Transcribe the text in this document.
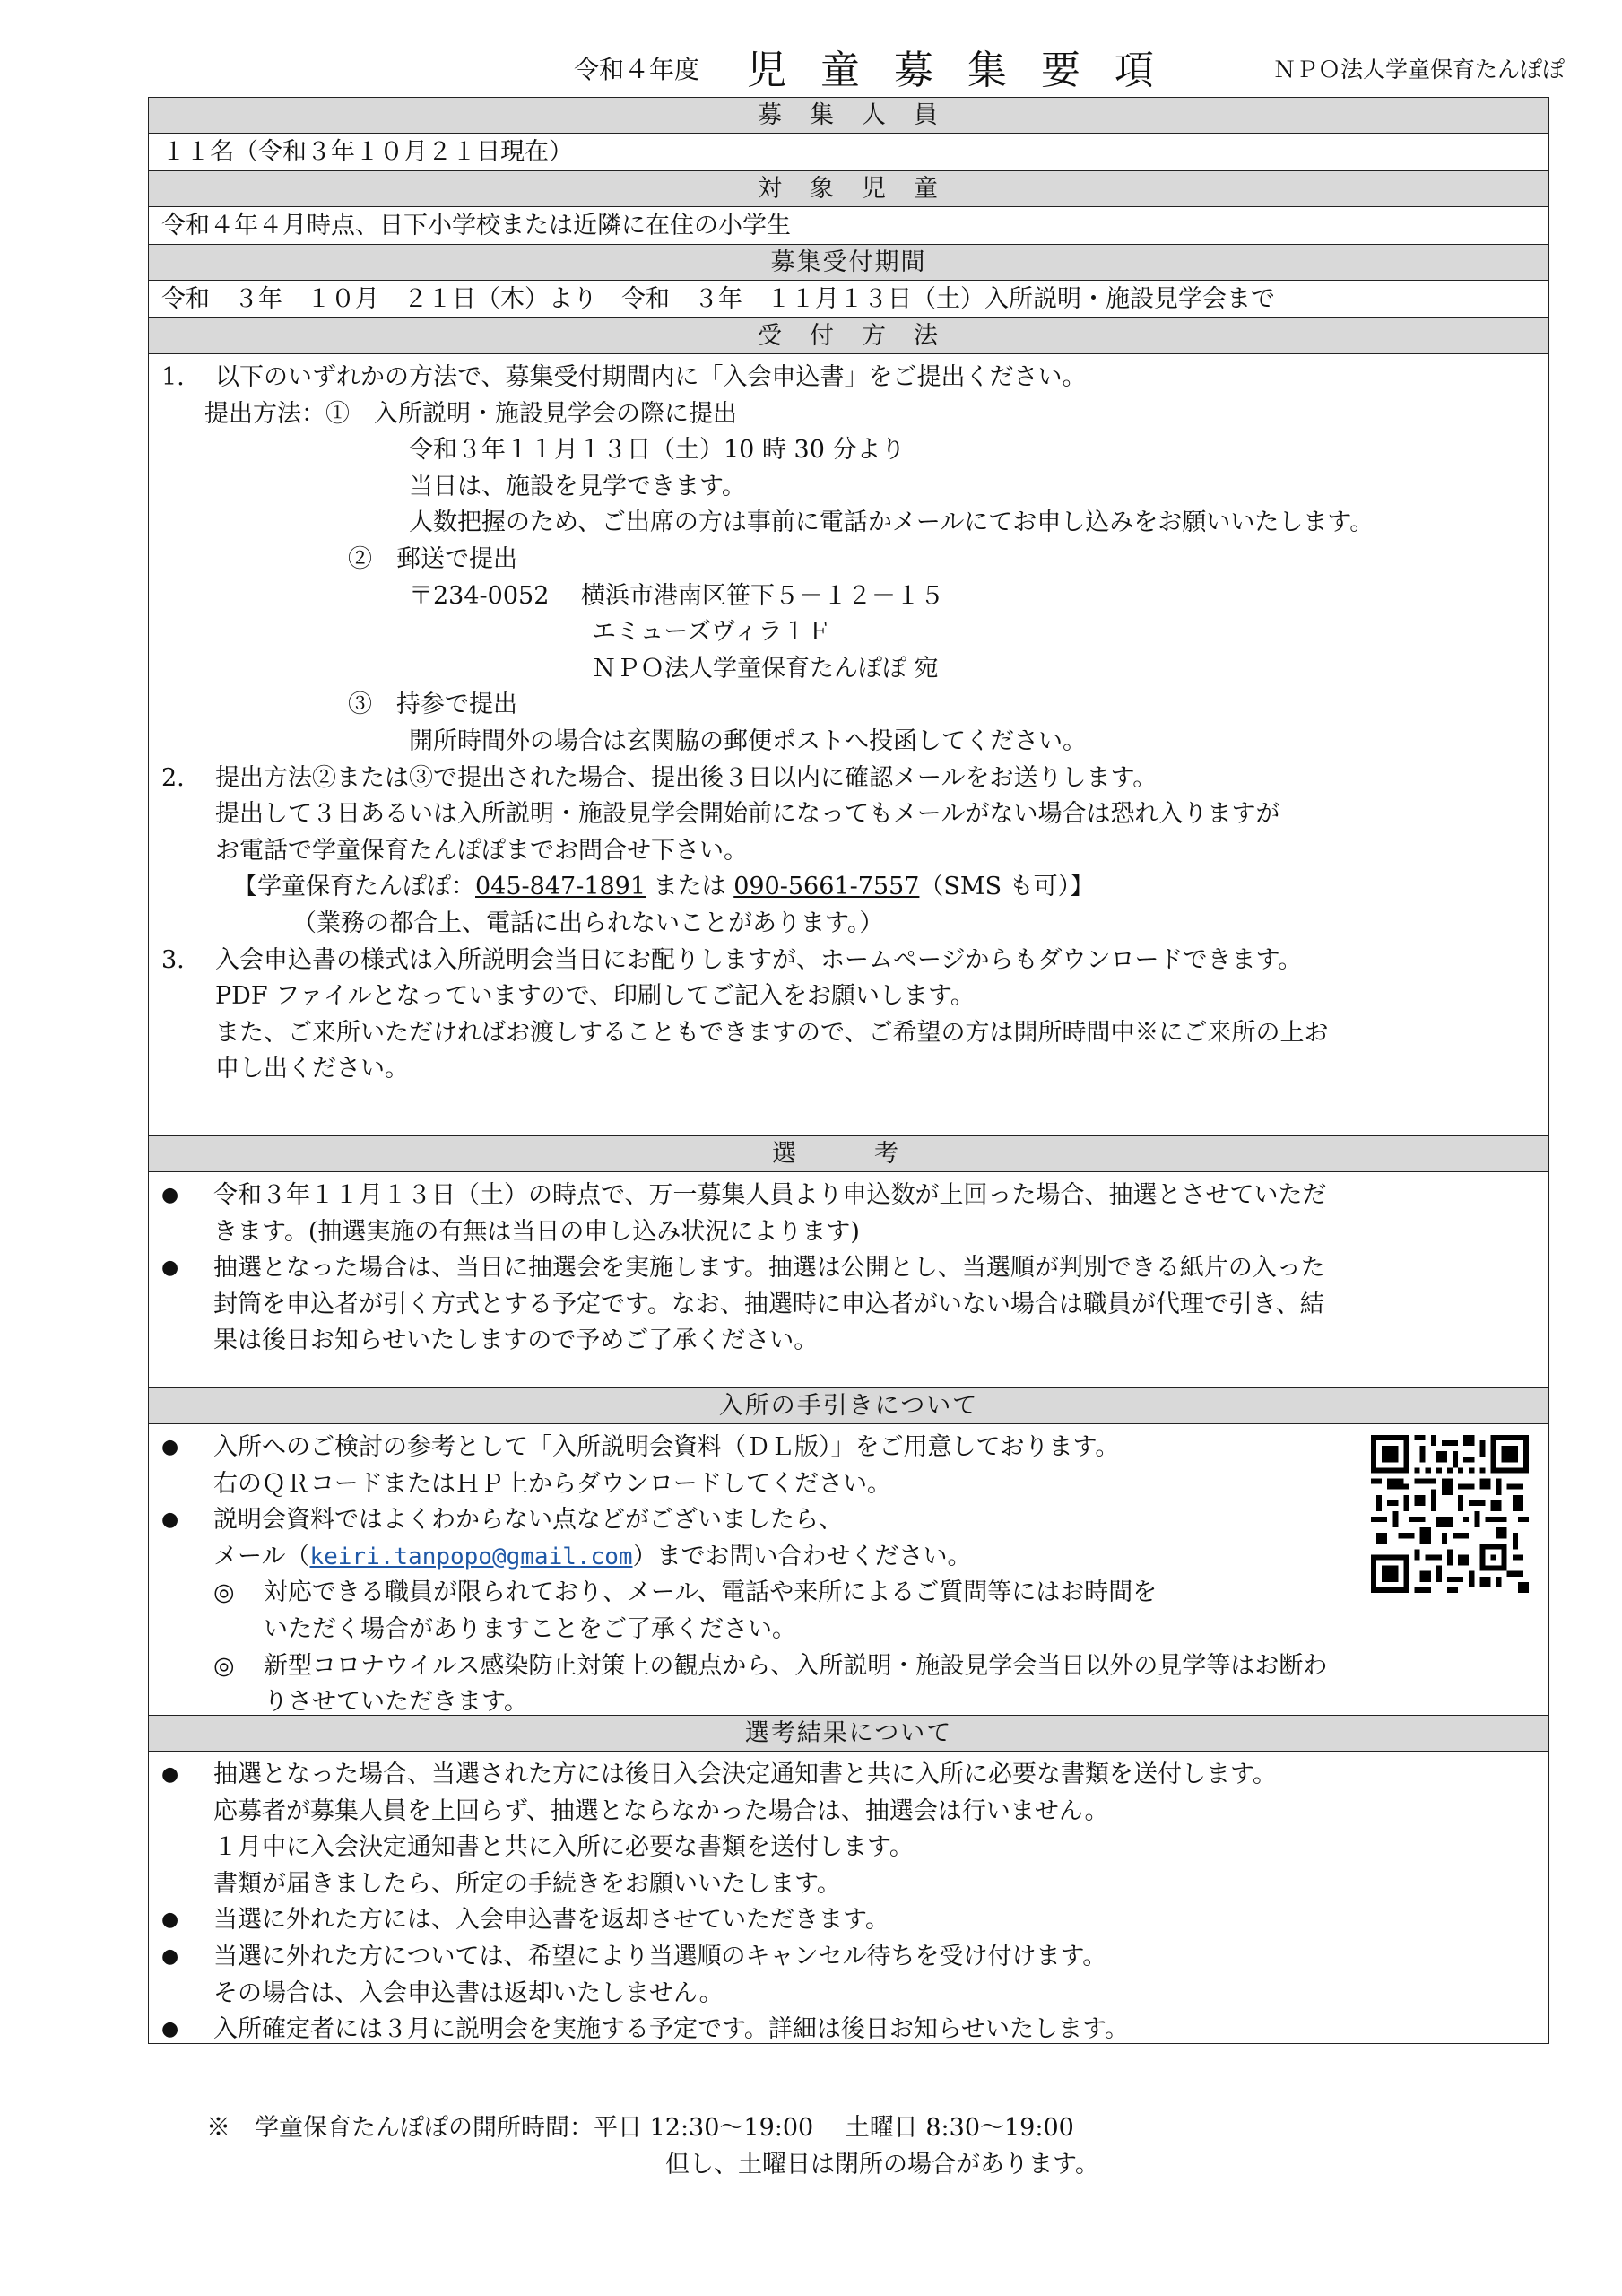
令和４年度 児 童 募 集 要 項	ＮＰＯ法人学童保育たんぽぽ
募　集　人　員
１１名（令和３年１０月２１日現在）
対　象　児　童
令和４年４月時点、日下小学校または近隣に在住の小学生
募集受付期間
令和　３年　１０月　２１日（木）より　令和　３年　１１月１３日（土）入所説明・施設見学会まで
受　付　方　法
1. 以下のいずれかの方法で、募集受付期間内に「入会申込書」をご提出ください。
提出方法：①　入所説明・施設見学会の際に提出
令和３年１１月１３日（土）10 時 30 分より
当日は、施設を見学できます。
人数把握のため、ご出席の方は事前に電話かメールにてお申し込みをお願いいたします。
②　郵送で提出
〒234-0052　 横浜市港南区笹下５－１２－１５
エミューズヴィラ１Ｆ
ＮＰＯ法人学童保育たんぽぽ 宛
③　持参で提出
開所時間外の場合は玄関脇の郵便ポストへ投函してください。
2. 提出方法②または③で提出された場合、提出後３日以内に確認メールをお送りします。
提出して３日あるいは入所説明・施設見学会開始前になってもメールがない場合は恐れ入りますが
お電話で学童保育たんぽぽまでお問合せ下さい。
【学童保育たんぽぽ：045-847-1891 または 090-5661-7557（SMS も可）】
（業務の都合上、電話に出られないことがあります。）
3. 入会申込書の様式は入所説明会当日にお配りしますが、ホームページからもダウンロードできます。
PDF ファイルとなっていますので、印刷してご記入をお願いします。
また、ご来所いただければお渡しすることもできますので、ご希望の方は開所時間中※にご来所の上お
申し出ください。
選　考
●	令和３年１１月１３日（土）の時点で、万一募集人員より申込数が上回った場合、抽選とさせていただ
きます。(抽選実施の有無は当日の申し込み状況によります)
●	抽選となった場合は、当日に抽選会を実施します。抽選は公開とし、当選順が判別できる紙片の入った
封筒を申込者が引く方式とする予定です。なお、抽選時に申込者がいない場合は職員が代理で引き、結
果は後日お知らせいたしますので予めご了承ください。
入所の手引きについて
●	入所へのご検討の参考として「入所説明会資料（ＤＬ版）」をご用意しております。
右のＱＲコードまたはＨＰ上からダウンロードしてください。
●	説明会資料ではよくわからない点などがございましたら、
メール（keiri.tanpopo@gmail.com）までお問い合わせください。
◎	対応できる職員が限られており、メール、電話や来所によるご質問等にはお時間を
いただく場合がありますことをご了承ください。
◎	新型コロナウイルス感染防止対策上の観点から、入所説明・施設見学会当日以外の見学等はお断わ
りさせていただきます。
選考結果について
●	抽選となった場合、当選された方には後日入会決定通知書と共に入所に必要な書類を送付します。
応募者が募集人員を上回らず、抽選とならなかった場合は、抽選会は行いません。
１月中に入会決定通知書と共に入所に必要な書類を送付します。
書類が届きましたら、所定の手続きをお願いいたします。
●	当選に外れた方には、入会申込書を返却させていただきます。
●	当選に外れた方については、希望により当選順のキャンセル待ちを受け付けます。
その場合は、入会申込書は返却いたしません。
●	入所確定者には３月に説明会を実施する予定です。詳細は後日お知らせいたします。
※　学童保育たんぽぽの開所時間：平日 12:30～19:00　 土曜日 8:30～19:00
但し、土曜日は閉所の場合があります。
